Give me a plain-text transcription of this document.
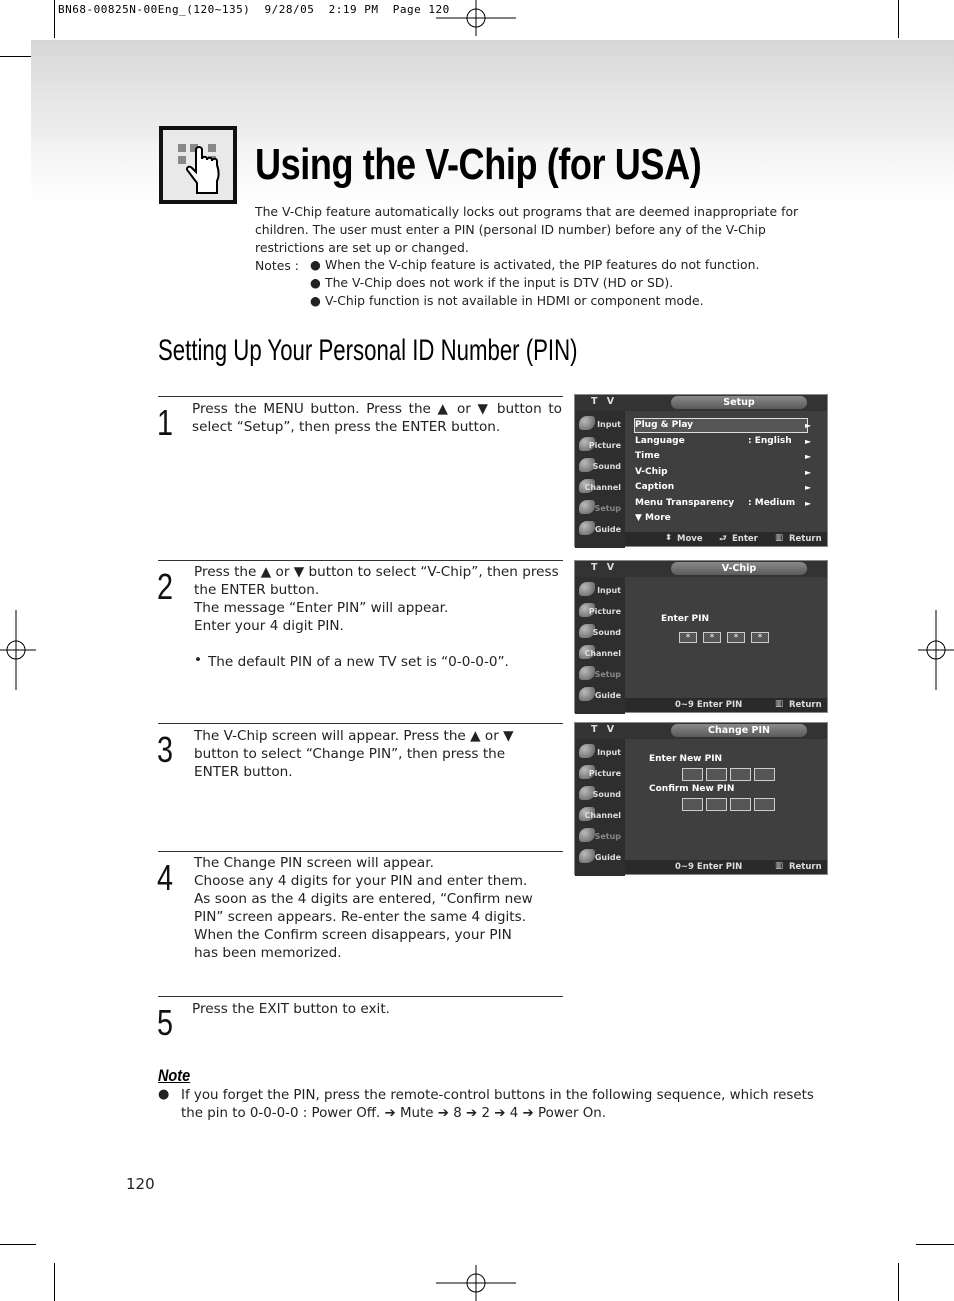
BN68-00825N-00Eng_(120~135)  9/28/05  2:19 PM  Page 120
Using the V-Chip (for USA)
The V-Chip feature automatically locks out programs that are deemed inappropriate for children. The user must enter a PIN (personal ID number) before any of the V-Chip restrictions are set up or changed.
Notes : ● When the V-chip feature is activated, the PIP features do not function.
● The V-Chip does not work if the input is DTV (HD or SD).
● V-Chip function is not available in HDMI or component mode.
Setting Up Your Personal ID Number (PIN)
1 Press the MENU button. Press the ▲ or ▼ button to select “Setup”, then press the ENTER button.
2 Press the ▲ or ▼ button to select “V-Chip”, then press the ENTER button.
The message “Enter PIN” will appear.
Enter your 4 digit PIN.
• The default PIN of a new TV set is “0-0-0-0”.
3 The V-Chip screen will appear. Press the ▲ or ▼ button to select “Change PIN”, then press the ENTER button.
4 The Change PIN screen will appear.
Choose any 4 digits for your PIN and enter them.
As soon as the 4 digits are entered, “Confirm new PIN” screen appears. Re-enter the same 4 digits.
When the Confirm screen disappears, your PIN has been memorized.
5 Press the EXIT button to exit.
T V	Setup
Input
Picture
Sound
Channel
Setup
Guide
Plug & Play	►
Language	: English ►
Time	►
V-Chip	►
Caption	►
Menu Transparency : Medium ►
▼ More
⬍ Move ⮐ Enter ▥ Return
T V	V-Chip
Input
Picture
Sound
Channel
Setup
Guide
Enter PIN
*	*	*	*
0~9 Enter PIN	▥ Return
T V	Change PIN
Input
Picture
Sound
Channel
Setup
Guide
Enter New PIN
Confirm New PIN
0~9 Enter PIN	▥ Return
Note
● If you forget the PIN, press the remote-control buttons in the following sequence, which resets the pin to 0-0-0-0 : Power Off. ➔ Mute ➔ 8 ➔ 2 ➔ 4 ➔ Power On.
120
